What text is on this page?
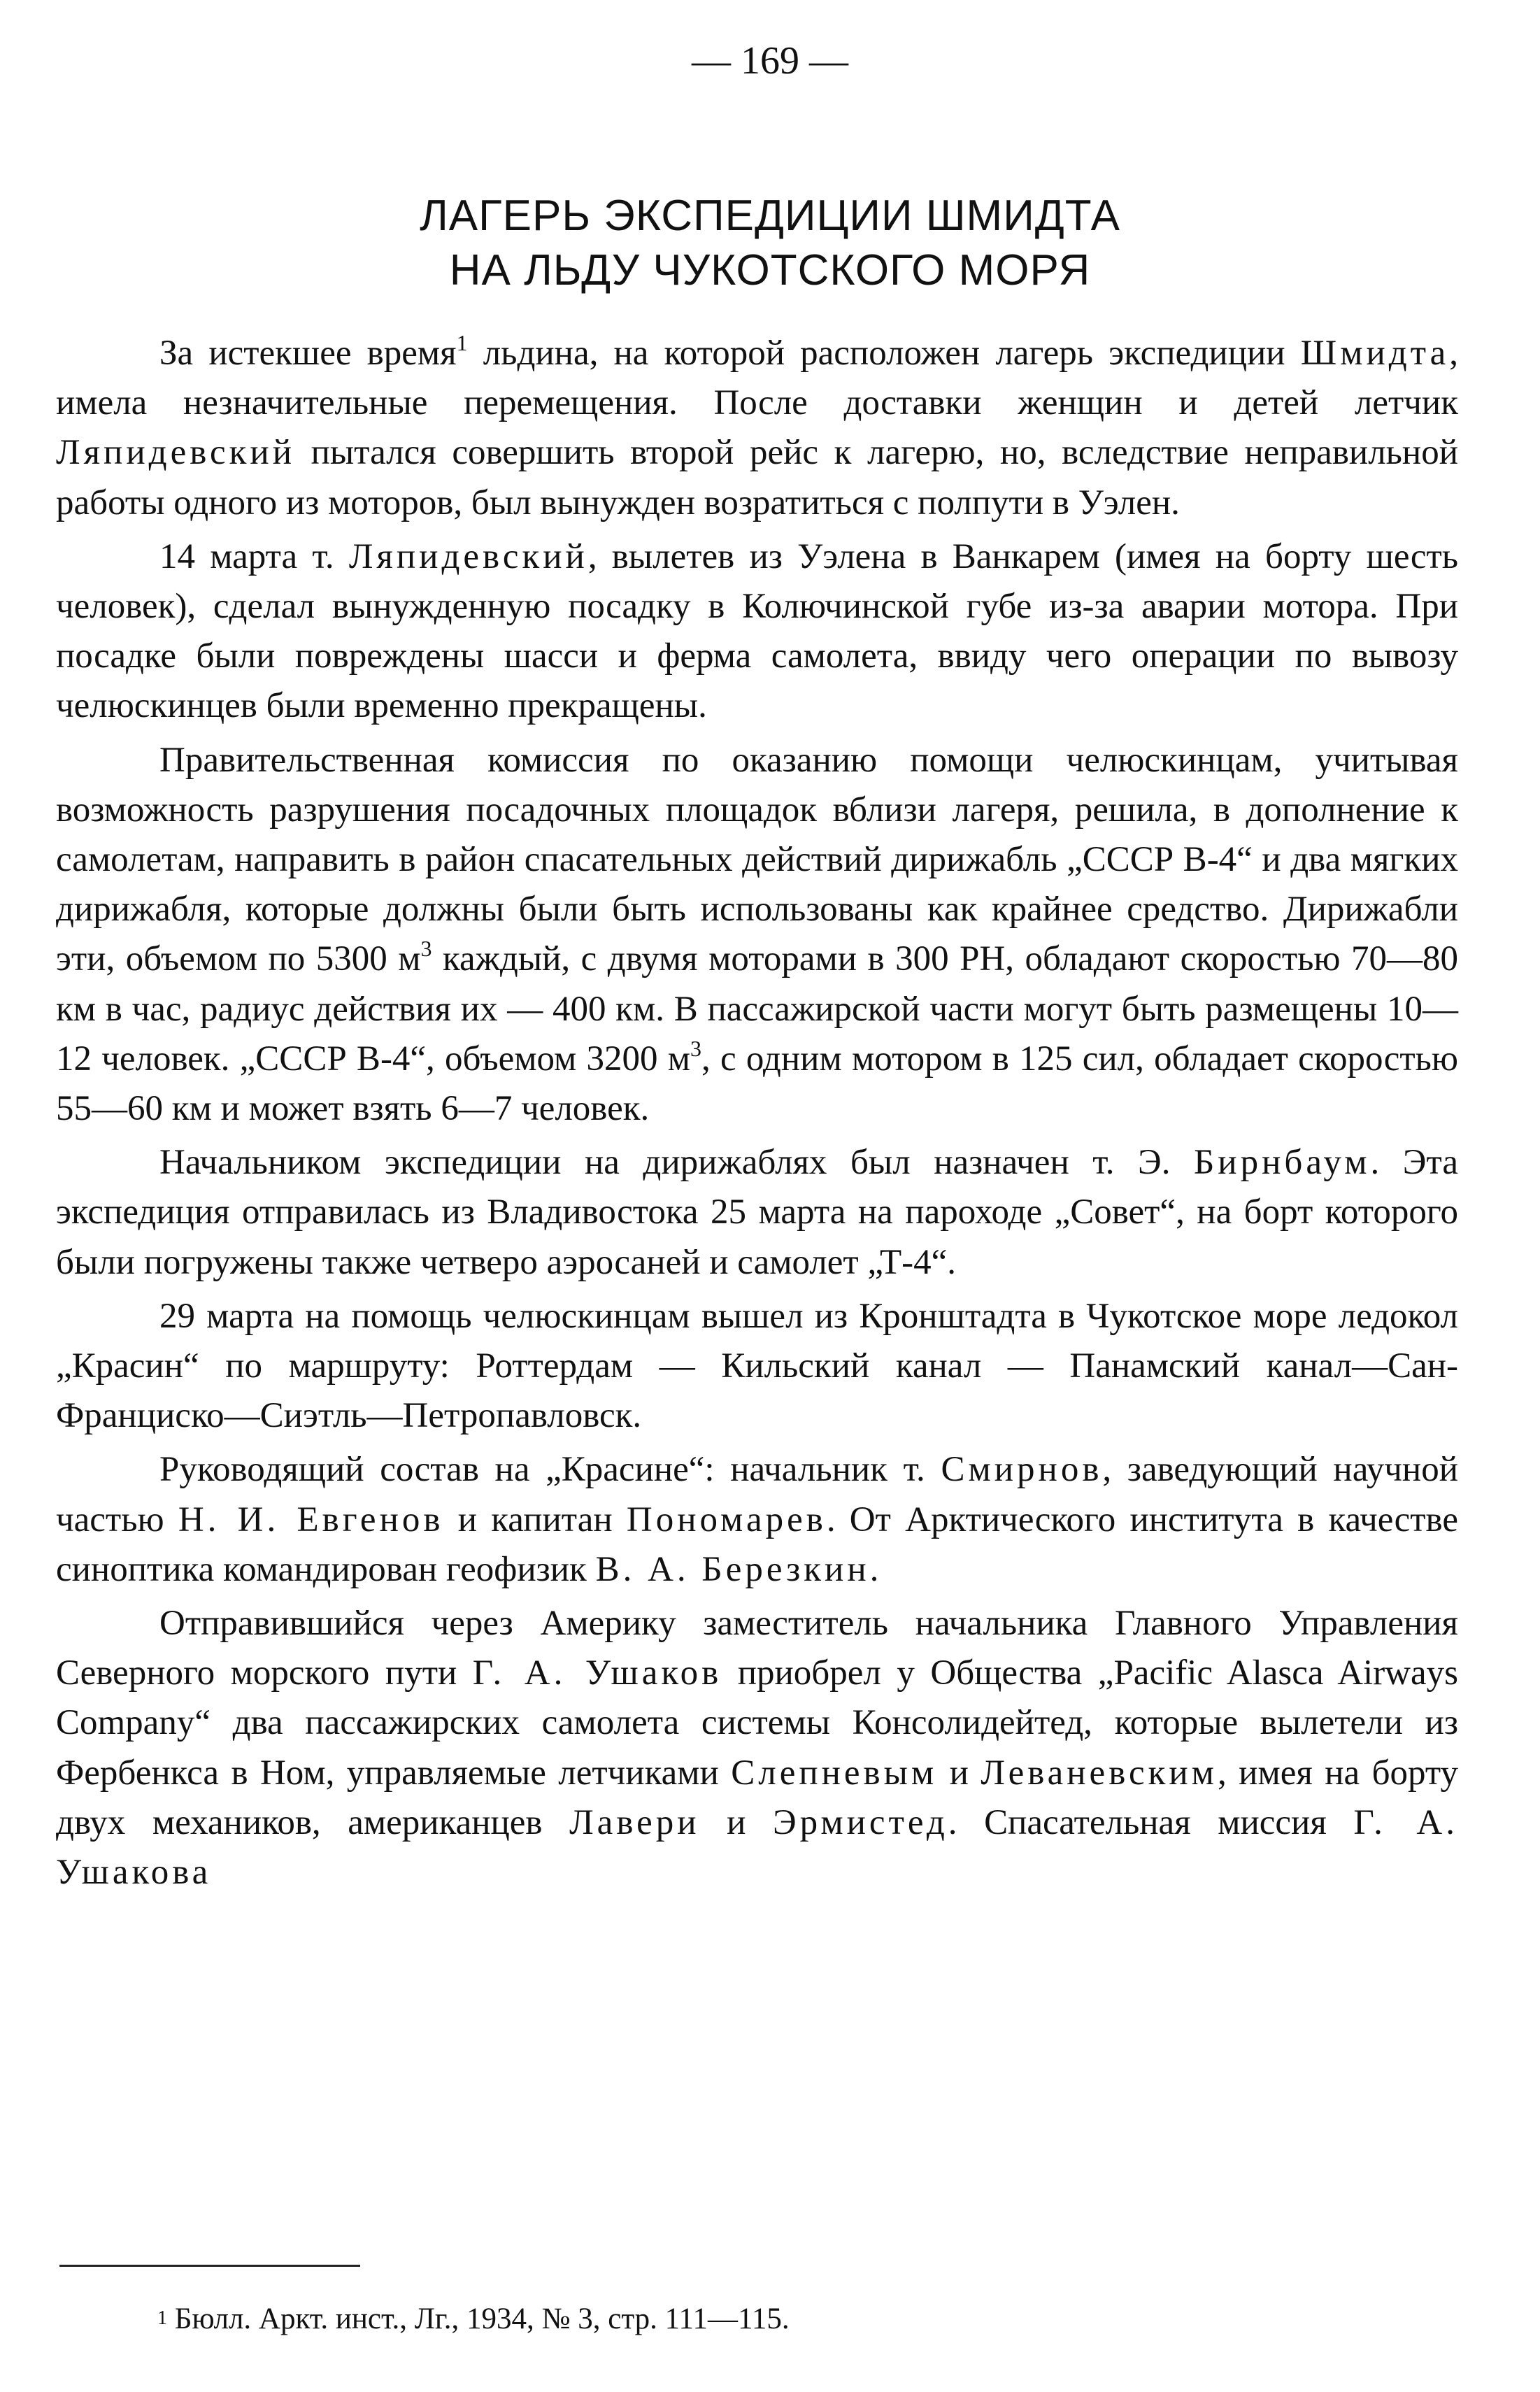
— 169 —
ЛАГЕРЬ ЭКСПЕДИЦИИ ШМИДТА
НА ЛЬДУ ЧУКОТСКОГО МОРЯ

За истекшее время$^1$ льдина, на которой расположен лагерь экспедиции Шмидта, имела незначительные перемещения. После доставки женщин и детей летчик Ляпидевский пытался совершить второй рейс к лагерю, но, вследствие неправильной работы одного из моторов, был вынужден возратиться с полпути в Уэлен.

14 марта т. Ляпидевский, вылетев из Уэлена в Ванкарем (имея на борту шесть человек), сделал вынужденную посадку в Колючинской губе из-за аварии мотора. При посадке были повреждены шасси и ферма самолета, ввиду чего операции по вывозу челюскинцев были временно прекращены.

Правительственная комиссия по оказанию помощи челюскинцам, учитывая возможность разрушения посадочных площадок вблизи лагеря, решила, в дополнение к самолетам, направить в район спасательных действий дирижабль „СССР В-4“ и два мягких дирижабля, которые должны были быть использованы как крайнее средство. Дирижабли эти, объемом по 5300 $м^3$ каждый, с двумя моторами в 300 РН, обладают скоростью 70—80 км в час, радиус действия их — 400 км. В пассажирской части могут быть размещены 10—12 человек. „СССР В-4“, объемом 3200 $м^3$, с одним мотором в 125 сил, обладает скоростью 55—60 км и может взять 6—7 человек.

Начальником экспедиции на дирижаблях был назначен т. Э. Бирнбаум. Эта экспедиция отправилась из Владивостока 25 марта на пароходе „Совет“, на борт которого были погружены также четверо аэросаней и самолет „Т-4“.

29 марта на помощь челюскинцам вышел из Кронштадта в Чукотское море ледокол „Красин“ по маршруту: Роттердам — Кильский канал — Панамский канал—Сан-Франциско—Сиэтль—Петропавловск.

Руководящий состав на „Красине“: начальник т. Смирнов, заведующий научной частью Н. И. Евгенов и капитан Пономарев. От Арктического института в качестве синоптика командирован геофизик В. А. Березкин.

Отправившийся через Америку заместитель начальника Главного Управления Северного морского пути Г. А. Ушаков приобрел у Общества „Pacific Alasca Airways Company“ два пассажирских самолета системы Консолидейтед, которые вылетели из Фербенкса в Ном, управляемые летчиками Слепневым и Леваневским, имея на борту двух механиков, американцев Лавери и Эрмистед. Спасательная миссия Г. А. Ушакова

$^1$ Бюлл. Аркт. инст., Лг., 1934, № 3, стр. 111—115.
